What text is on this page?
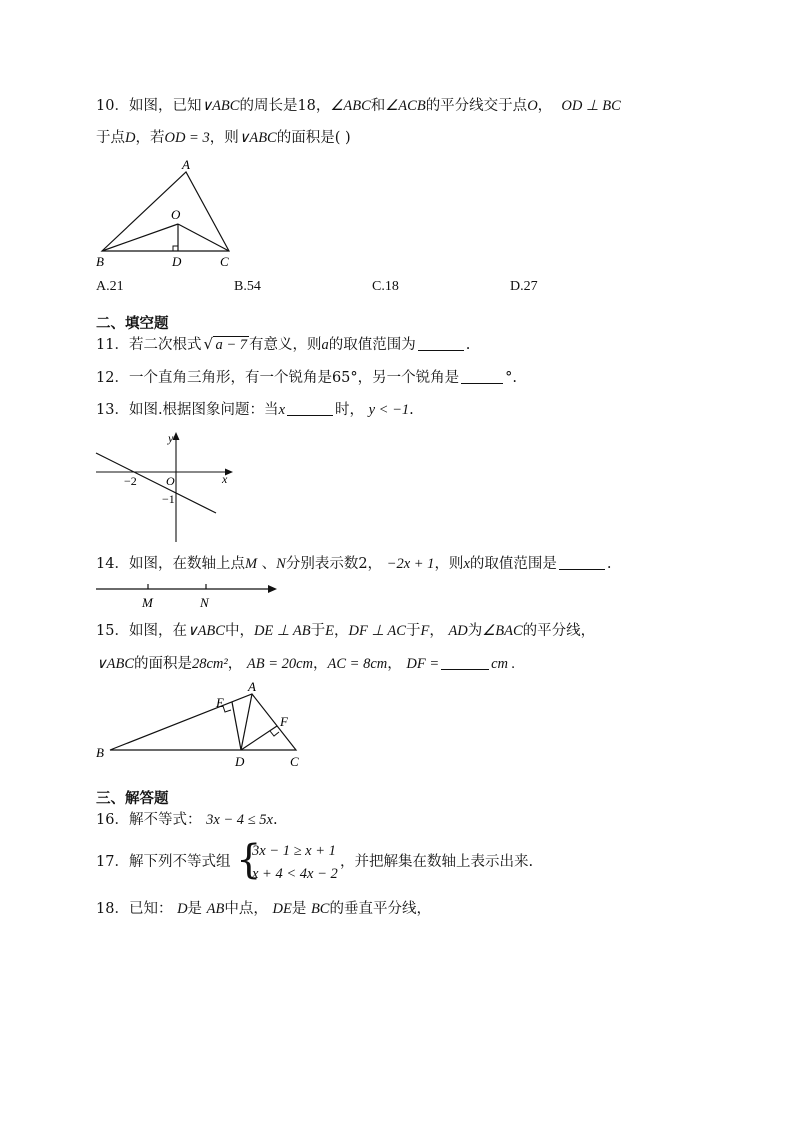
10．如图，已知∨ABC的周长是18，∠ABC和∠ACB的平分线交于点O， OD ⊥ BC
于点D，若OD = 3，则∨ABC的面积是( )
A
O
B	D	C
A.21	B.54	C.18	D.27
二、填空题
11．若二次根式 √ a − 7 有意义，则a的取值范围为	.
12．一个直角三角形，有一个锐角是65°，另一个锐角是	°.
13．如图.根据图象问题：当x	时， y < −1.
y
x
O
−2
−1
14．如图，在数轴上点M 、N分别表示数2， −2x + 1，则x的取值范围是	.
M	N
15．如图，在∨ABC中，DE ⊥ AB于E，DF ⊥ AC于F， AD为∠BAC的平分线，
∨ABC的面积是28cm²， AB = 20cm，AC = 8cm， DF =	cm .
A
E
F
B
D	C
三、解答题
16．解不等式： 3x − 4 ≤ 5x.
17．解下列不等式组 {
3x − 1 ≥ x + 1
x + 4 < 4x − 2
，并把解集在数轴上表示出来.
18．已知： D是 AB中点， DE是 BC的垂直平分线，
